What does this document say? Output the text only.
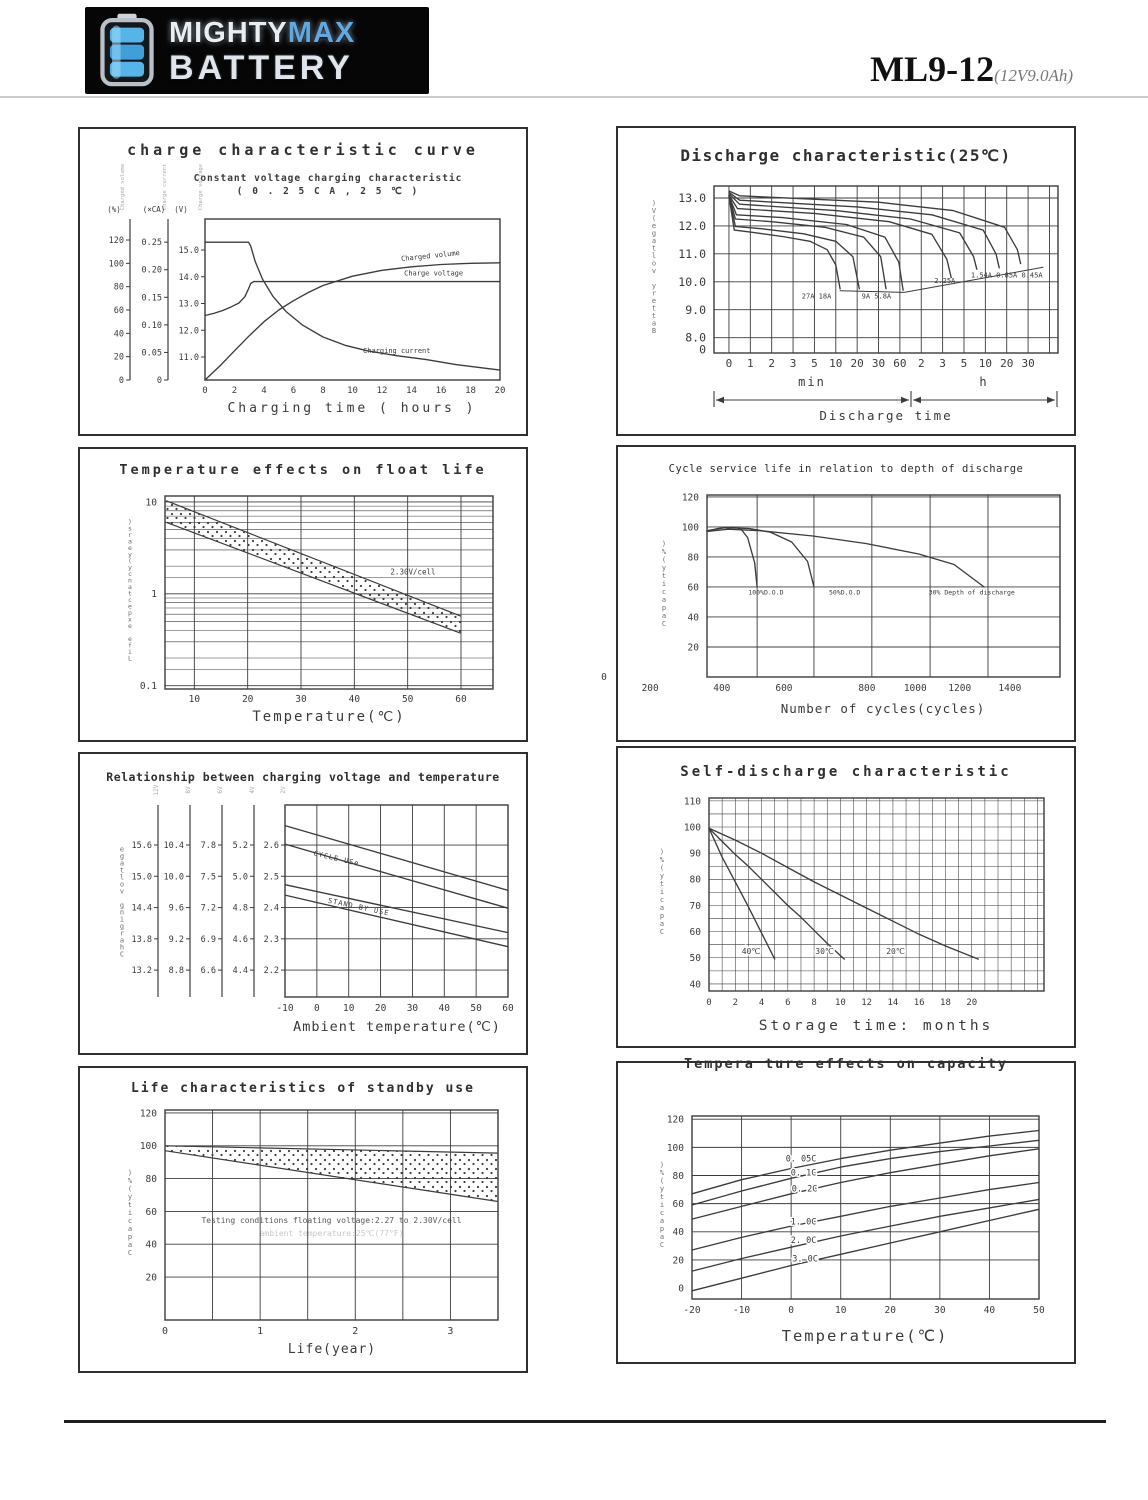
MIGHTYMAX
BATTERY	ML9-12(12V9.0Ah)
charge characteristic curve
Constant voltage charging characteristic
( 0 . 2 5 C A , 2 5 ℃ )
120
100
80
60
40
20
0
(%)
0.25
0.20
0.15
0.10
0.05
0
(×CA)
15.0
14.0
13.0
12.0
11.0
(V)
0	2	4	6	8 10 12 14 16 18 20
Charged volume	Charge current	Charge voltage
Charged volume
Charge voltage
Charging current
Charging time ( hours )
Discharge characteristic(25℃)
13.0
12.0
11.0
10.0
9.0
8.0
0
0 1 2 3 5 10 20 30 60 2 3 5 10 20 30
)
V
(
e
g
a
t
l
o
v
y
r
e
t
t
a
B
27A 18A	9A 5.8A
2.25A
1.54A 0.85A 0.45A
min	h
Discharge time
Temperature effects on float life
10
1
0.1
10	20	30	40	50	60
)
s
r
a
e
y
(
y
c
n
a
t
c
e
p
x
e
e
f
i
L
2.30V/cell
Temperature(℃)
Cycle service life in relation to depth of discharge
120
100
80
60
40
20
200	400	600	800	1000 1200	1400
)
%
(
y
t
i
c
a
p
a
C
100%D.O.D	50%D.O.D	30% Depth of discharge
0
Number of cycles(cycles)
Relationship between charging voltage and temperature
15.6
15.0
14.4
13.8
13.2
10.4
10.0
9.6
9.2
8.8
7.8
7.5
7.2
6.9
6.6
5.2
5.0
4.8
4.6
4.4
2.6
2.5
2.4
2.3
2.2
-10 0 10 20 30 40 50 60
e
g
a
t
l
o
v
g
n
i
g
r
a
h
C
12V	8V	6V	4V	2V
CYCLE USe
STAND BY USE
Ambient temperature(℃)
Self-discharge characteristic
110
100
90
80
70
60
50
40
0 2 4 6 8 10 12 14 16 18 20
)
%
(
y
t
i
c
a
p
a
C
40℃	30℃	20℃
Storage time: months
Life characteristics of standby use
120
100
80
60
40
20
0	1	2	3
)
%
(
y
t
i
c
a
p
a
C
Testing conditions floating voltage:2.27 to 2.30V/cell
ambient temperature:25℃(77°F)
Life(year)
Tempera ture effects on capacity
120
100
80
60
40
20
0
-20	-10	0	10	20	30	40	50
)
%
(
y
t
i
c
a
p
a
C
0. 05C
0. 1C
0. 2C
1. 0C
2. 0C
3. 0C
Temperature(℃)
